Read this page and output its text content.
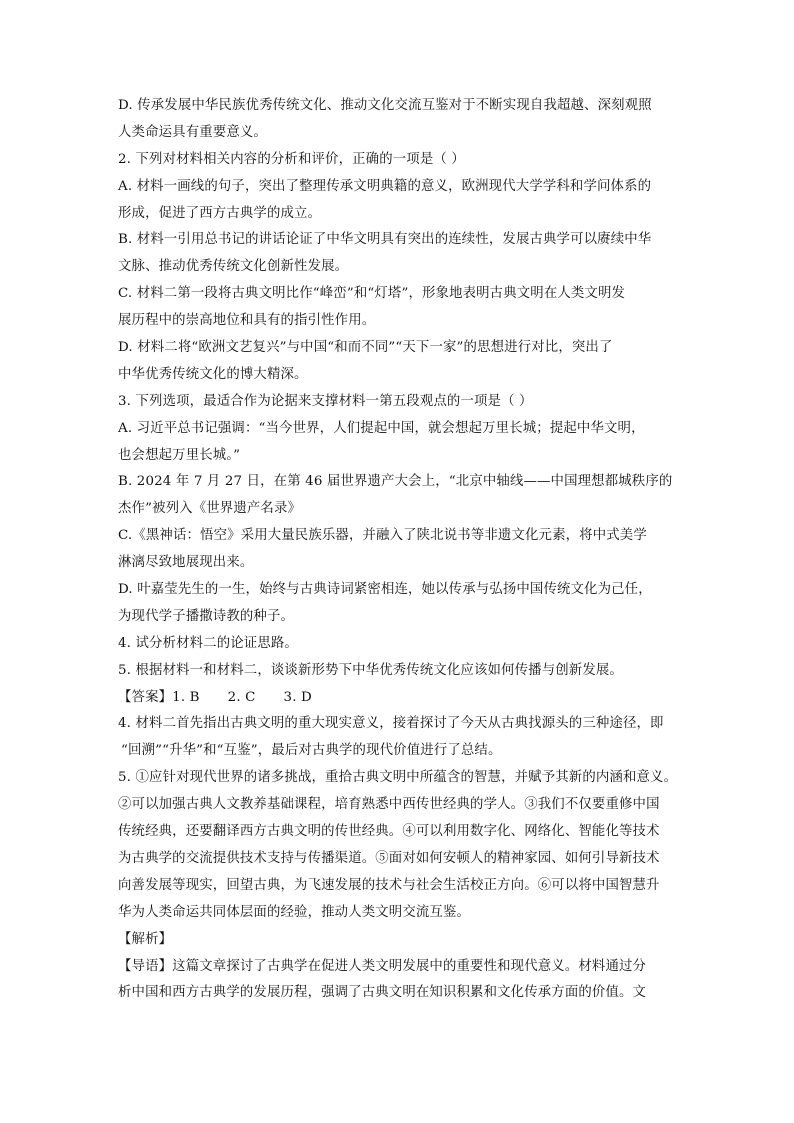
D. 传承发展中华民族优秀传统文化、推动文化交流互鉴对于不断实现自我超越、深刻观照
人类命运具有重要意义。
2. 下列对材料相关内容的分析和评价，正确的一项是（ ）
A. 材料一画线的句子，突出了整理传承文明典籍的意义，欧洲现代大学学科和学问体系的
形成，促进了西方古典学的成立。
B. 材料一引用总书记的讲话论证了中华文明具有突出的连续性，发展古典学可以赓续中华
文脉、推动优秀传统文化创新性发展。
C. 材料二第一段将古典文明比作“峰峦”和“灯塔”，形象地表明古典文明在人类文明发
展历程中的崇高地位和具有的指引性作用。
D. 材料二将“欧洲文艺复兴”与中国“和而不同”“天下一家”的思想进行对比，突出了
中华优秀传统文化的博大精深。
3. 下列选项，最适合作为论据来支撑材料一第五段观点的一项是（ ）
A. 习近平总书记强调：“当今世界，人们提起中国，就会想起万里长城；提起中华文明，
也会想起万里长城。”
B. 2024 年 7 月 27 日，在第 46 届世界遗产大会上，“北京中轴线——中国理想都城秩序的
杰作”被列入《世界遗产名录》
C.《黑神话：悟空》采用大量民族乐器，并融入了陕北说书等非遗文化元素，将中式美学
淋漓尽致地展现出来。
D. 叶嘉莹先生的一生，始终与古典诗词紧密相连，她以传承与弘扬中国传统文化为己任，
为现代学子播撒诗教的种子。
4. 试分析材料二的论证思路。
5. 根据材料一和材料二，谈谈新形势下中华优秀传统文化应该如何传播与创新发展。
【答案】1. B 2. C 3. D
4. 材料二首先指出古典文明的重大现实意义，接着探讨了今天从古典找源头的三种途径，即
“回溯”“升华”和“互鉴”，最后对古典学的现代价值进行了总结。
5. ①应针对现代世界的诸多挑战，重拾古典文明中所蕴含的智慧，并赋予其新的内涵和意义。
②可以加强古典人文教养基础课程，培育熟悉中西传世经典的学人。③我们不仅要重修中国
传统经典，还要翻译西方古典文明的传世经典。④可以利用数字化、网络化、智能化等技术
为古典学的交流提供技术支持与传播渠道。⑤面对如何安顿人的精神家园、如何引导新技术
向善发展等现实，回望古典，为飞速发展的技术与社会生活校正方向。⑥可以将中国智慧升
华为人类命运共同体层面的经验，推动人类文明交流互鉴。
【解析】
【导语】这篇文章探讨了古典学在促进人类文明发展中的重要性和现代意义。材料通过分
析中国和西方古典学的发展历程，强调了古典文明在知识积累和文化传承方面的价值。文
